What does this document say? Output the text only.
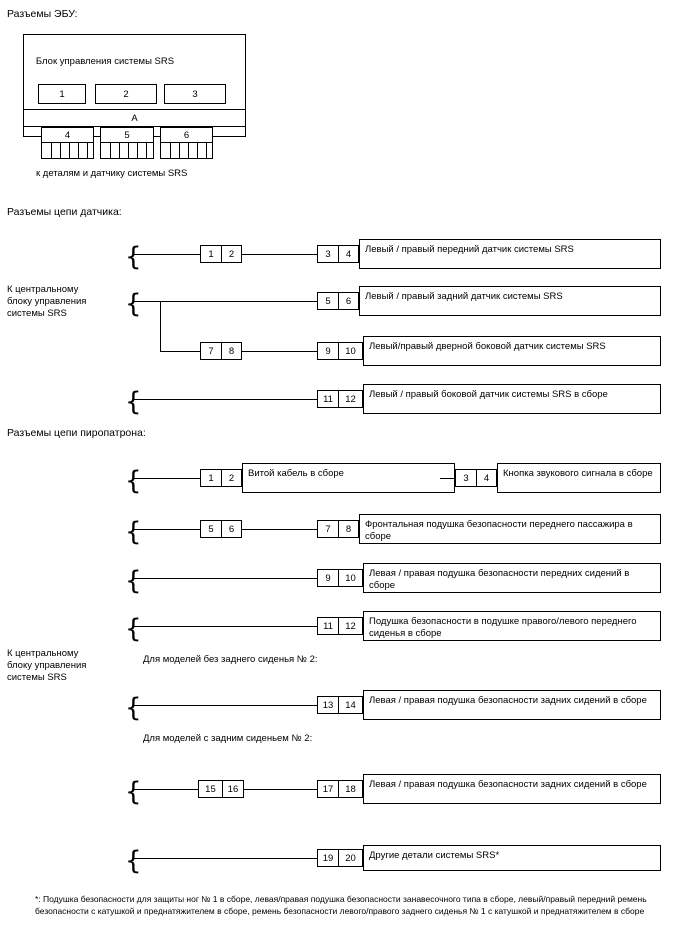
Разъемы ЭБУ:
Блок управления системы SRS
1	2	3
A
4	5	6
к деталям и датчику системы SRS
Разъемы цепи датчика:
К центральному блоку управления системы SRS
{	1	2	3	4	Левый / правый передний датчик системы SRS
{	5	6	Левый / правый задний датчик системы SRS
7	8	9	10	Левый/правый дверной боковой датчик системы SRS
{	11	12	Левый / правый боковой датчик системы SRS в сборе
Разъемы цепи пиропатрона:
К центральному блоку управления системы SRS
{	1	2	Витой кабель в сборе	3	4	Кнопка звукового сигнала в сборе
{	5	6	7	8	Фронтальная подушка безопасности переднего пассажира в сборе
{	9	10	Левая / правая подушка безопасности передних сидений в сборе
{	11	12	Подушка безопасности в подушке правого/левого переднего сиденья в сборе
Для моделей без заднего сиденья № 2:
{	13	14	Левая / правая подушка безопасности задних сидений в сборе
Для моделей с задним сиденьем № 2:
{	15	16	17	18	Левая / правая подушка безопасности задних сидений в сборе
{	19	20	Другие детали системы SRS*
*: Подушка безопасности для защиты ног № 1 в сборе, левая/правая подушка безопасности занавесочного типа в сборе, левый/правый передний ремень безопасности с катушкой и преднатяжителем в сборе, ремень безопасности левого/правого заднего сиденья № 1 с катушкой и преднатяжителем в сборе
